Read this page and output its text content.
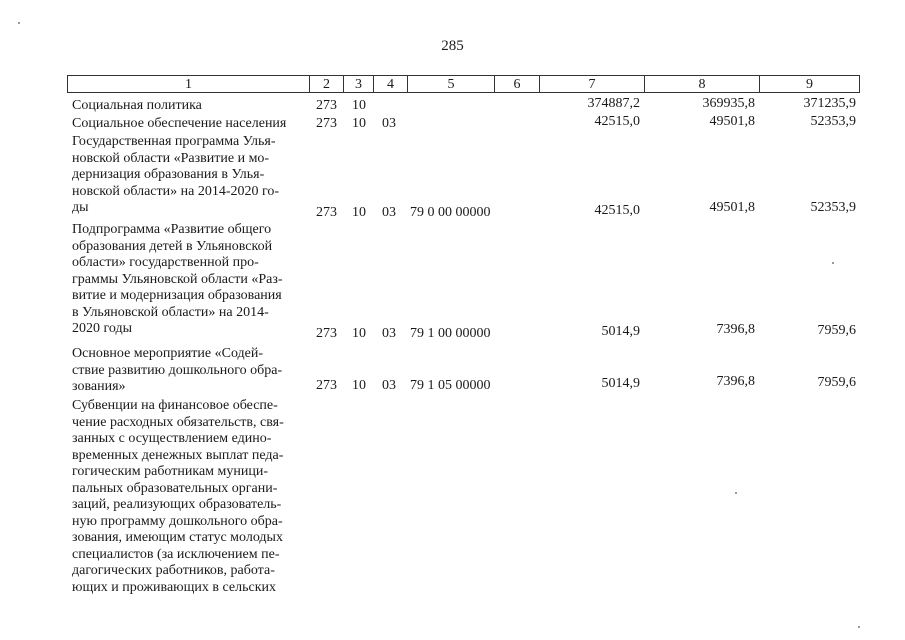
285
1	2	3	4	5	6	7	8	9
Социальная политика	273 10	374887,2	369935,8	371235,9
Социальное обеспечение населения	273 10 03	42515,0	49501,8	52353,9
Государственная программа Улья-
новской области «Развитие и мо-
дернизация образования в Улья-
новской области» на 2014-2020 го-
ды	273 10 03 79 0 00 00000	42515,0	49501,8	52353,9
Подпрограмма «Развитие общего
образования детей в Ульяновской
области» государственной про-
граммы Ульяновской области «Раз-
витие и модернизация образования
в Ульяновской области» на 2014-
2020 годы	273 10 03 79 1 00 00000	5014,9	7396,8	7959,6
Основное мероприятие «Содей-
ствие развитию дошкольного обра-
зования»	273 10 03 79 1 05 00000	5014,9	7396,8	7959,6
Субвенции на финансовое обеспе-
чение расходных обязательств, свя-
занных с осуществлением едино-
временных денежных выплат педа-
гогическим работникам муници-
пальных образовательных органи-
заций, реализующих образователь-
ную программу дошкольного обра-
зования, имеющим статус молодых
специалистов (за исключением пе-
дагогических работников, работа-
ющих и проживающих в сельских
